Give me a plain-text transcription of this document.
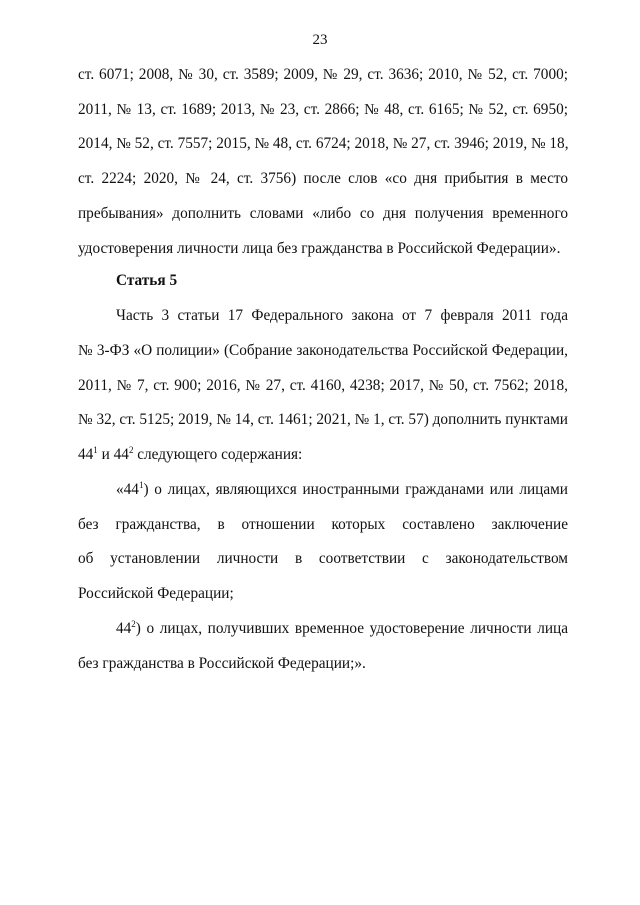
23
ст. 6071; 2008, № 30, ст. 3589; 2009, № 29, ст. 3636; 2010, № 52, ст. 7000;
2011, № 13, ст. 1689; 2013, № 23, ст. 2866; № 48, ст. 6165; № 52, ст. 6950;
2014, № 52, ст. 7557; 2015, № 48, ст. 6724; 2018, № 27, ст. 3946; 2019, № 18,
ст. 2224; 2020, № 24, ст. 3756) после слов «со дня прибытия в место
пребывания» дополнить словами «либо со дня получения временного
удостоверения личности лица без гражданства в Российской Федерации».
Статья 5
Часть 3 статьи 17 Федерального закона от 7 февраля 2011 года
№ 3-ФЗ «О полиции» (Собрание законодательства Российской Федерации,
2011, № 7, ст. 900; 2016, № 27, ст. 4160, 4238; 2017, № 50, ст. 7562; 2018,
№ 32, ст. 5125; 2019, № 14, ст. 1461; 2021, № 1, ст. 57) дополнить пунктами
$44^1$ и $44^2$ следующего содержания:
«$44^1$) о лицах, являющихся иностранными гражданами или лицами
без гражданства, в отношении которых составлено заключение
об установлении личности в соответствии с законодательством
Российской Федерации;
$44^2$) о лицах, получивших временное удостоверение личности лица
без гражданства в Российской Федерации;».
